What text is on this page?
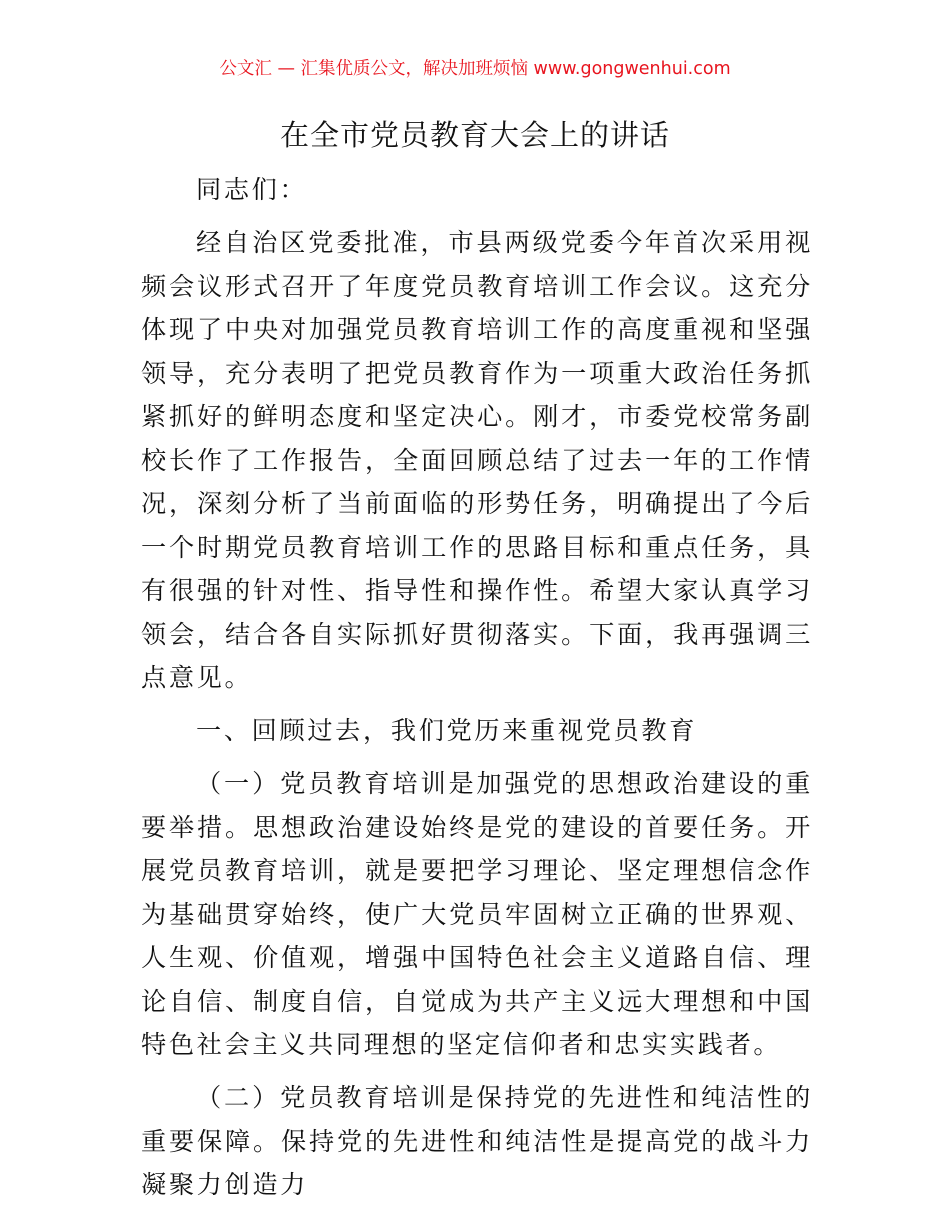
公文汇 — 汇集优质公文，解决加班烦恼 www.gongwenhui.com
在全市党员教育大会上的讲话

同志们：

经自治区党委批准，市县两级党委今年首次采用视频会议形式召开了年度党员教育培训工作会议。这充分体现了中央对加强党员教育培训工作的高度重视和坚强领导，充分表明了把党员教育作为一项重大政治任务抓紧抓好的鲜明态度和坚定决心。刚才，市委党校常务副校长作了工作报告，全面回顾总结了过去一年的工作情况，深刻分析了当前面临的形势任务，明确提出了今后一个时期党员教育培训工作的思路目标和重点任务，具有很强的针对性、指导性和操作性。希望大家认真学习领会，结合各自实际抓好贯彻落实。下面，我再强调三点意见。

一、回顾过去，我们党历来重视党员教育

（一）党员教育培训是加强党的思想政治建设的重要举措。思想政治建设始终是党的建设的首要任务。开展党员教育培训，就是要把学习理论、坚定理想信念作为基础贯穿始终，使广大党员牢固树立正确的世界观、人生观、价值观，增强中国特色社会主义道路自信、理论自信、制度自信，自觉成为共产主义远大理想和中国特色社会主义共同理想的坚定信仰者和忠实实践者。

（二）党员教育培训是保持党的先进性和纯洁性的重要保障。保持党的先进性和纯洁性是提高党的战斗力凝聚力创造力
